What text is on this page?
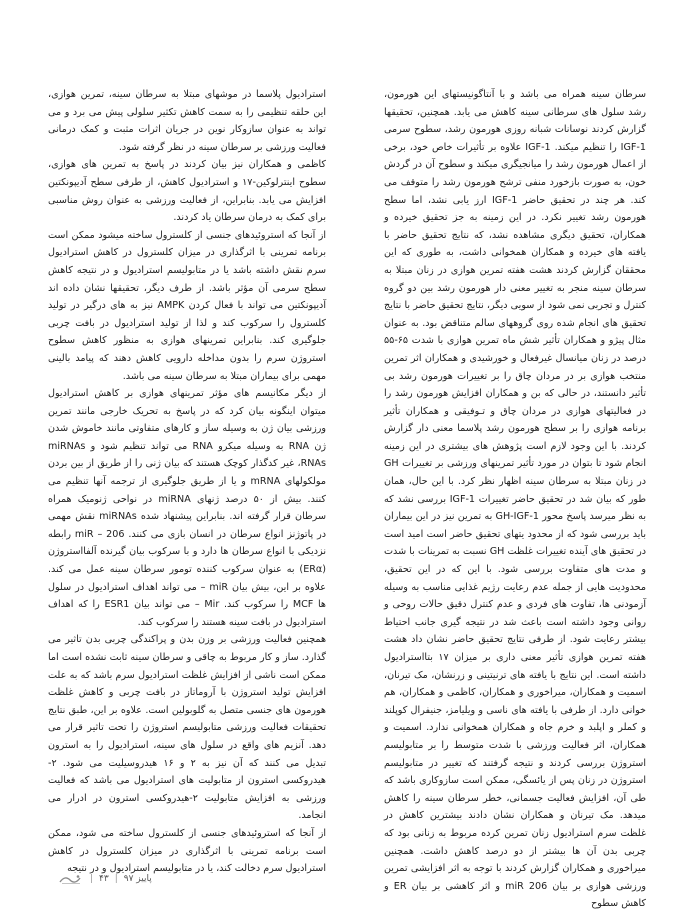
سرطان سینه همراه می باشد و با آنتاگونیستهای این هورمون، رشد سلول های سرطانی سینه کاهش می یابد. همچنین، تحقیقها گزارش کردند نوسانات شبانه روزی هورمون رشد، سطوح سرمی IGF-1 را تنظیم میکند. IGF-1 علاوه بر تأثیرات خاص خود، برخی از اعمال هورمون رشد را میانجیگری میکند و سطوح آن در گردش خون، به صورت بازخورد منفی ترشح هورمون رشد را متوقف می کند. هر چند در تحقیق حاضر IGF-1 ارز یابی نشد، اما سطح هورمون رشد تغییر نکرد. در این زمینه به جز تحقیق خیرده و همکاران، تحقیق دیگری مشاهده نشد، که نتایج تحقیق حاضر با یافته های خیرده و همکاران همخوانی داشت، به طوری که این محققان گزارش کردند هشت هفته تمرین هوازی در زنان مبتلا به سرطان سینه منجر به تغییر معنی دار هورمون رشد بین دو گروه کنترل و تجربی نمی شود از سویی دیگر، نتایج تحقیق حاضر با نتایج تحقیق های انجام شده روی گروههای سالم متناقض بود. به عنوان مثال پیژو و همکاران تأثیر شش ماه تمرین هوازی با شدت ۶۵-۵۵ درصد در زنان میانسال غیرفعال و خورشیدی و همکاران اثر تمرین منتخب هوازی بر در مردان چاق را بر تغییرات هورمون رشد بی تأثیر دانستند، در حالی که بن و همکاران افزایش هورمون رشد را در فعالیتهای هوازی در مردان چاق و تـوفیقی و همکاران تأثیر برنامه هوازی را بر سطح هورمون رشد پلاسما معنی دار گزارش کردند. با این وجود لازم است پژوهش های بیشتری در این زمینه انجام شود تا بتوان در مورد تأثیر تمرینهای ورزشی بر تغییرات GH در زنان مبتلا به سرطان سینه اظهار نظر کرد. با این حال، همان طور که بیان شد در تحقیق حاضر تغییرات IGF-1 بررسی نشد که به نظر میرسد پاسخ محور GH-IGF-1 به تمرین نیز در این بیماران باید بررسی شود که از محدود یتهای تحقیق حاضر است امید است در تحقیق های آینده تغییرات غلظت GH نسبت به تمرینات با شدت و مدت های متفاوت بررسی شود. با این که در این تحقیق، محدودیت هایی از جمله عدم رعایت رژیم غذایی مناسب به وسیله آزمودنی ها، تفاوت های فردی و عدم کنترل دقیق حالات روحی و روانی وجود داشته است باعث شد در نتیجه گیری جانب احتیاط بیشتر رعایت شود. از طرفی نتایج تحقیق حاضر نشان داد هشت هفته تمرین هوازی تأثیر معنی داری بر میزان ۱۷ بتااسترادیول داشته است. این نتایج با یافته های ترنیتینی و زرنشان، مک تیرنان، اسمیت و همکاران، میراخوری و همکاران، کاظمی و همکاران، هم خوانی دارد. از طرفی با یافته های ناسی و ویلیامز، جنیفرال کوپلند و کملر و اپلبد و خرم جاه و همکاران همخوانی ندارد. اسمیت و همکاران، اثر فعالیت ورزشی با شدت متوسط را بر متابولیسم استروژن بررسی کردند و نتیجه گرفتند که تغییر در متابولیسم استروژن در زنان پس از یائسگی، ممکن است سازوکاری باشد که طی آن، افزایش فعالیت جسمانی، خطر سرطان سینه را کاهش میدهد. مک تیرنان و همکاران نشان دادند بیشترین کاهش در غلظت سرم استرادیول زنان تمرین کرده مربوط به زنانی بود که چربی بدن آن ها بیشتر از دو درصد کاهش داشت. همچنین میراخوری و همکاران گزارش کردند با توجه به اثر افزایشی تمرین ورزشی هوازی بر بیان miR 206 و اثر کاهشی بر بیان ER و کاهش سطوح

استرادیول پلاسما در موشهای مبتلا به سرطان سینه، تمرین هوازی، این حلقه تنظیمی را به سمت کاهش تکثیر سلولی پیش می برد و می تواند به عنوان سازوکار نوین در جریان اثرات مثبت و کمک درمانی فعالیت ورزشی بر سرطان سینه در نظر گرفته شود.

کاظمی و همکاران نیز بیان کردند در پاسخ به تمرین های هوازی، سطوح اینترلوکین-۱۷ و استرادیول کاهش، از طرفی سطح آدیپونکتین افزایش می یابد. بنابراین، از فعالیت ورزشی به عنوان روش مناسبی برای کمک به درمان سرطان یاد کردند.

از آنجا که استروئیدهای جنسی از کلسترول ساخته میشود ممکن است برنامه تمرینی با اثرگذاری در میزان کلسترول در کاهش استرادیول سرم نقش داشته باشد یا در متابولیسم استرادیول و در نتیجه کاهش سطح سرمی آن مؤثر باشد. از طرف دیگر، تحقیقها نشان داده اند آدیپونکتین می تواند با فعال کردن AMPK نیز به های درگیر در تولید کلسترول را سرکوب کند و لذا از تولید استرادیول در بافت چربی جلوگیری کند. بنابراین تمرینهای هوازی به منظور کاهش سطوح استروژن سرم را بدون مداخله دارویی کاهش دهند که پیامد بالینی مهمی برای بیماران مبتلا به سرطان سینه می باشد.

از دیگر مکانیسم های مؤثر تمرینهای هوازی بر کاهش استرادیول میتوان اینگونه بیان کرد که در پاسخ به تحریک خارجی مانند تمرین ورزشی بیان ژن به وسیله ساز و کارهای متفاوتی مانند خاموش شدن ژن RNA به وسیله میکرو RNA می تواند تنظیم شود و miRNAs ،RNAs غیر کدگذار کوچک هستند که بیان ژنی را از طریق از بین بردن مولکولهای mRNA و یا از طریق جلوگیری از ترجمه آنها تنظیم می کنند. بیش از ۵۰ درصد ژنهای miRNA در نواحی ژنومیک همراه سرطان قرار گرفته اند. بنابراین پیشنهاد شده miRNAs نقش مهمی در پاتوژنز انواع سرطان در انسان بازی می کنند. miR – 206 رابطه نزدیکی با انواع سرطان ها دارد و با سرکوب بیان گیرنده آلفااستروژن (ERα) به عنوان سرکوب کننده تومور سرطان سینه عمل می کند. علاوه بر این، بیش بیان miR – می تواند اهداف استرادیول در سلول ها MCF را سرکوب کند. Mir – می تواند بیان ESR1 را که اهداف استرادیول در بافت سینه هستند را سرکوب کند.

همچنین فعالیت ورزشی بر وزن بدن و پراکندگی چربی بدن تاثیر می گذارد. ساز و کار مربوط به چاقی و سرطان سینه ثابت نشده است اما ممکن است ناشی از افزایش غلظت استرادیول سرم باشد که به علت افزایش تولید استروژن با آروماتاز در بافت چربی و کاهش غلظت هورمون های جنسی متصل به گلوبولین است. علاوه بر این، طبق نتایج تحقیقات فعالیت ورزشی متابولیسم استروژن را تحت تاثیر قرار می دهد. آنزیم های واقع در سلول های سینه، استرادیول را به استرون تبدیل می کنند که آن نیز به ۲ و ۱۶ هیدروسیلیت می شود. ۲- هیدروکسی استرون از متابولیت های استرادیول می باشد که فعالیت ورزشی به افزایش متابولیت ۲-هیدروکسی استرون در ادرار می انجامد.

از آنجا که استروئیدهای جنسی از کلسترول ساخته می شود، ممکن است برنامه تمرینی با اثرگذاری در میزان کلسترول در کاهش استرادیول سرم دخالت کند، یا در متابولیسم استرادیول و در نتیجه

پاییز ۹۷
|
۴۳
|
